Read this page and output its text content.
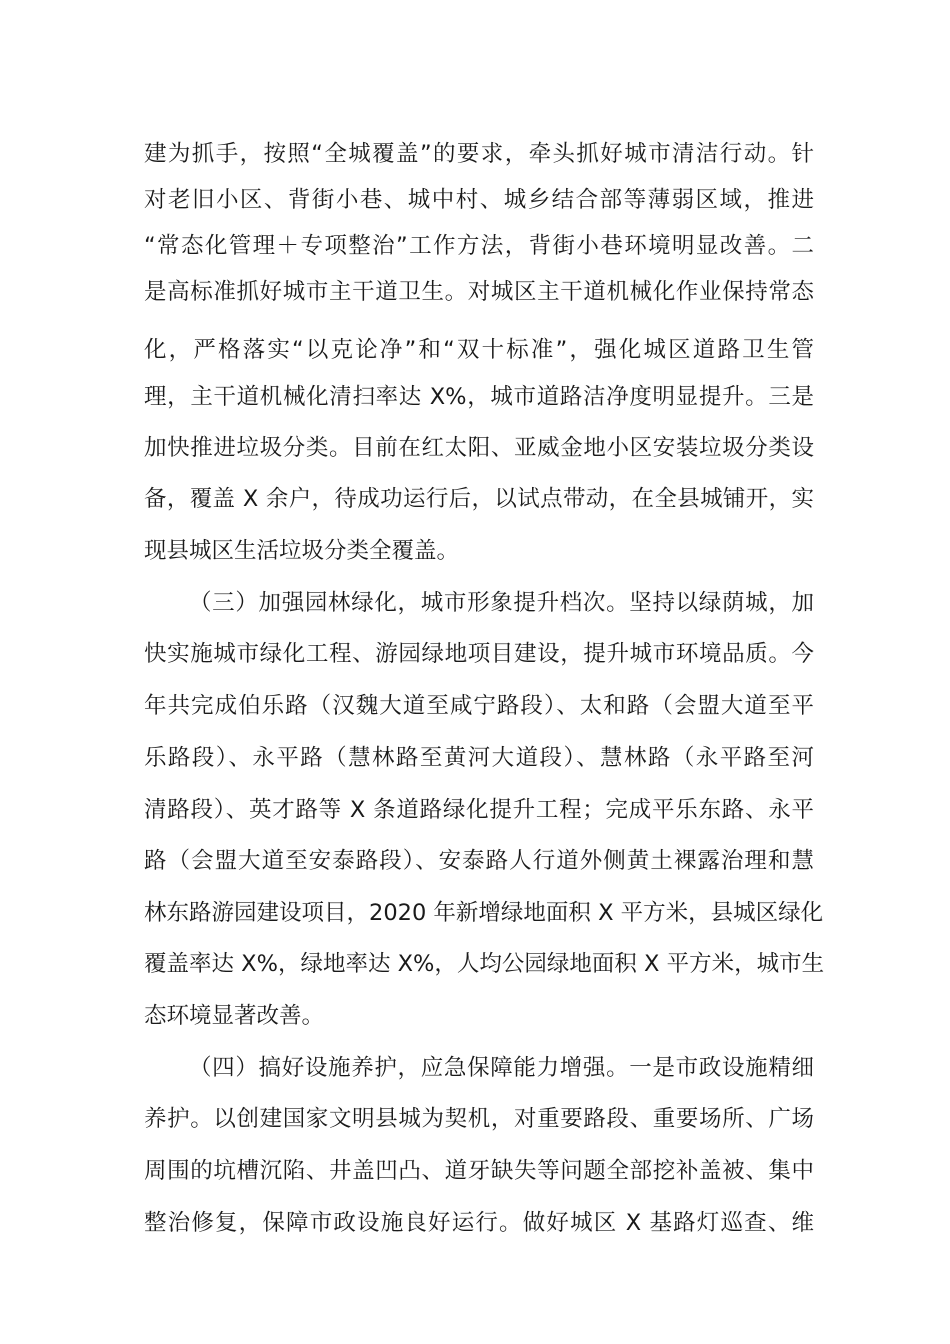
建为抓手，按照“全城覆盖”的要求，牵头抓好城市清洁行动。针
对老旧小区、背街小巷、城中村、城乡结合部等薄弱区域，推进
“常态化管理＋专项整治”工作方法，背街小巷环境明显改善。二
是高标准抓好城市主干道卫生。对城区主干道机械化作业保持常态
化，严格落实“以克论净”和“双十标准”，强化城区道路卫生管
理，主干道机械化清扫率达 X%，城市道路洁净度明显提升。三是
加快推进垃圾分类。目前在红太阳、亚威金地小区安装垃圾分类设
备，覆盖 X 余户，待成功运行后，以试点带动，在全县城铺开，实
现县城区生活垃圾分类全覆盖。
（三）加强园林绿化，城市形象提升档次。坚持以绿荫城，加
快实施城市绿化工程、游园绿地项目建设，提升城市环境品质。今
年共完成伯乐路（汉魏大道至咸宁路段）、太和路（会盟大道至平
乐路段）、永平路（慧林路至黄河大道段）、慧林路（永平路至河
清路段）、英才路等 X 条道路绿化提升工程；完成平乐东路、永平
路（会盟大道至安泰路段）、安泰路人行道外侧黄土裸露治理和慧
林东路游园建设项目，2020 年新增绿地面积 X 平方米，县城区绿化
覆盖率达 X%，绿地率达 X%，人均公园绿地面积 X 平方米，城市生
态环境显著改善。
（四）搞好设施养护，应急保障能力增强。一是市政设施精细
养护。以创建国家文明县城为契机，对重要路段、重要场所、广场
周围的坑槽沉陷、井盖凹凸、道牙缺失等问题全部挖补盖被、集中
整治修复，保障市政设施良好运行。做好城区 X 基路灯巡查、维
